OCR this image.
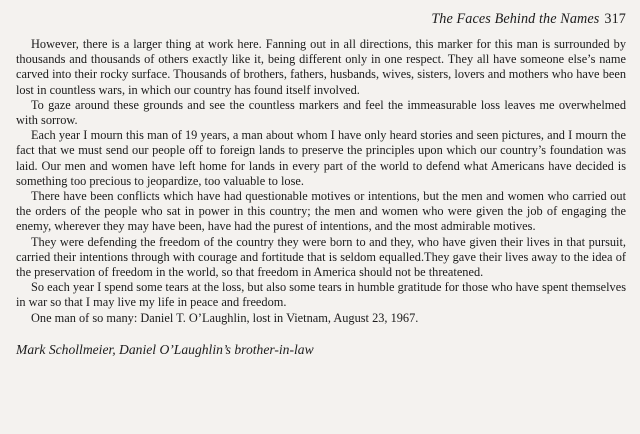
The Faces Behind the Names 317

However, there is a larger thing at work here. Fanning out in all directions, this marker for this man is surrounded by thousands and thousands of others exactly like it, being different only in one respect. They all have someone else’s name carved into their rocky surface. Thousands of brothers, fathers, husbands, wives, sisters, lovers and mothers who have been lost in countless wars, in which our country has found itself involved.

To gaze around these grounds and see the countless markers and feel the immeasurable loss leaves me overwhelmed with sorrow.

Each year I mourn this man of 19 years, a man about whom I have only heard stories and seen pictures, and I mourn the fact that we must send our people off to foreign lands to preserve the principles upon which our country’s foundation was laid. Our men and women have left home for lands in every part of the world to defend what Americans have decided is something too precious to jeopardize, too valuable to lose.

There have been conflicts which have had questionable motives or intentions, but the men and women who carried out the orders of the people who sat in power in this country; the men and women who were given the job of engaging the enemy, wherever they may have been, have had the purest of intentions, and the most admirable motives.

They were defending the freedom of the country they were born to and they, who have given their lives in that pursuit, carried their intentions through with courage and fortitude that is seldom equalled.They gave their lives away to the idea of the preservation of freedom in the world, so that freedom in America should not be threatened.

So each year I spend some tears at the loss, but also some tears in humble gratitude for those who have spent themselves in war so that I may live my life in peace and freedom.

One man of so many: Daniel T. O’Laughlin, lost in Vietnam, August 23, 1967.

Mark Schollmeier, Daniel O’Laughlin’s brother-in-law
